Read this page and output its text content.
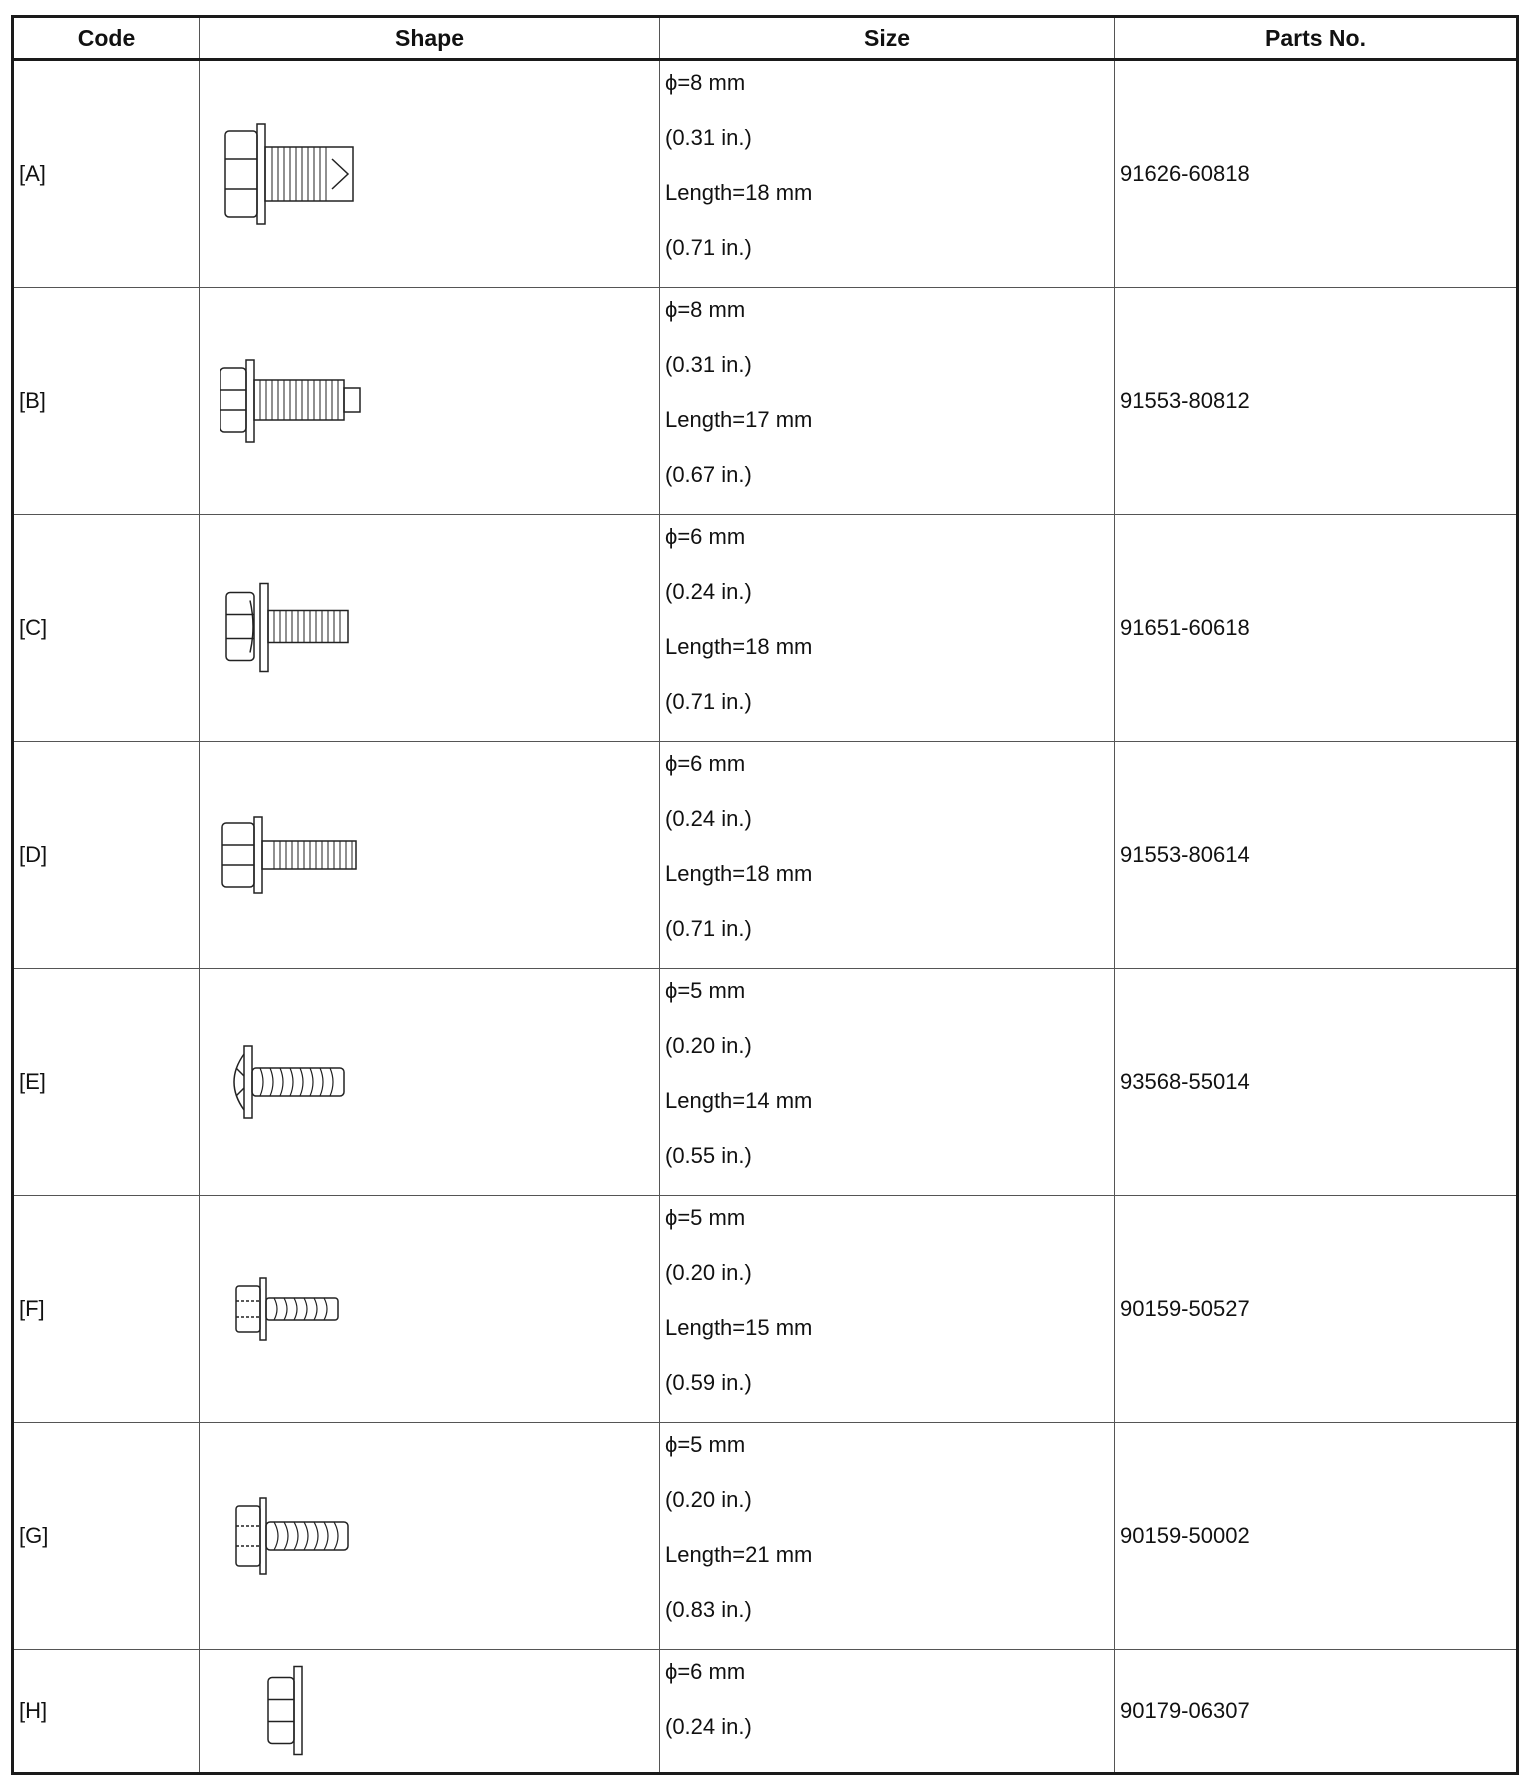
Code	Shape	Size	Parts No.
[A]		ϕ=8 mm
(0.31 in.)
Length=18 mm
(0.71 in.)	91626-60818
[B]		ϕ=8 mm
(0.31 in.)
Length=17 mm
(0.67 in.)	91553-80812
[C]		ϕ=6 mm
(0.24 in.)
Length=18 mm
(0.71 in.)	91651-60618
[D]		ϕ=6 mm
(0.24 in.)
Length=18 mm
(0.71 in.)	91553-80614
[E]		ϕ=5 mm
(0.20 in.)
Length=14 mm
(0.55 in.)	93568-55014
[F]		ϕ=5 mm
(0.20 in.)
Length=15 mm
(0.59 in.)	90159-50527
[G]		ϕ=5 mm
(0.20 in.)
Length=21 mm
(0.83 in.)	90159-50002
[H]		ϕ=6 mm
(0.24 in.)	90179-06307
